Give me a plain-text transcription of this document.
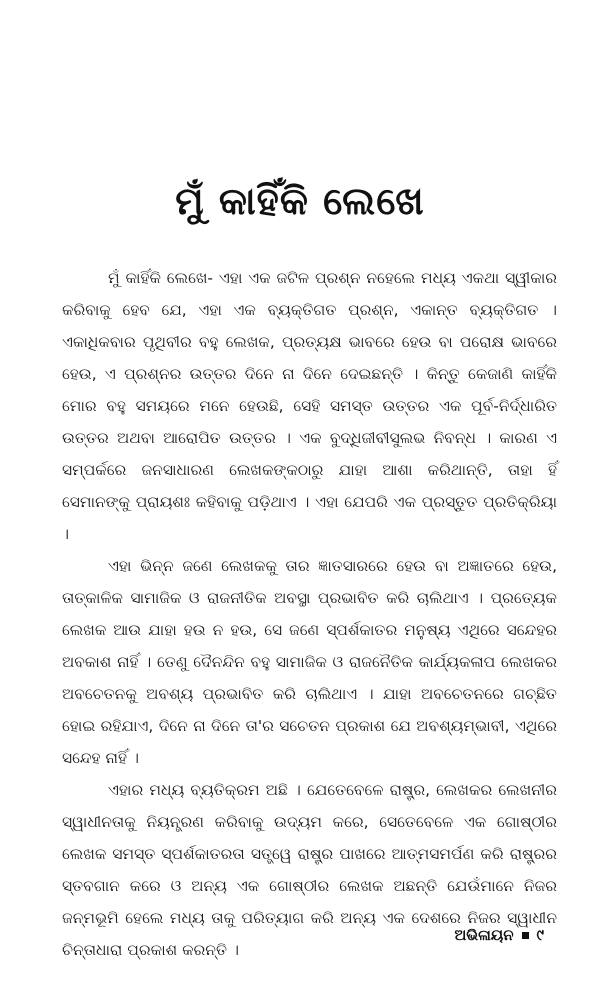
ମୁଁ କାହିଁକି ଲେଖେ

ମୁଁ କାହିଁକି ଲେଖେ- ଏହା ଏକ ଜଟିଳ ପ୍ରଶ୍ନ ନହେଲେ ମଧ୍ୟ ଏକଥା ସ୍ୱୀକାର କରିବାକୁ ହେବ ଯେ, ଏହା ଏକ ବ୍ୟକ୍ତିଗତ ପ୍ରଶ୍ନ, ଏକାନ୍ତ ବ୍ୟକ୍ତିଗତ । ଏକାଧିକବାର ପୃଥିବୀର ବହୁ ଲେଖକ, ପ୍ରତ୍ୟକ୍ଷ ଭାବରେ ହେଉ ବା ପରୋକ୍ଷ ଭାବରେ ହେଉ, ଏ ପ୍ରଶ୍ନର ଉତ୍ତର ଦିନେ ନା ଦିନେ ଦେଇଛନ୍ତି । କିନ୍ତୁ କେଜାଣି କାହିଁକି ମୋର ବହୁ ସମୟରେ ମନେ ହେଉଛି, ସେହି ସମସ୍ତ ଉତ୍ତର ଏକ ପୂର୍ବ-ନିର୍ଦ୍ଧାରିତ ଉତ୍ତର ଅଥବା ଆରୋପିତ ଉତ୍ତର । ଏକ ବୁଦ୍ଧିଜୀବୀସୁଲଭ ନିବନ୍ଧ । କାରଣ ଏ ସମ୍ପର୍କରେ ଜନସାଧାରଣ ଲେଖକଙ୍କଠାରୁ ଯାହା ଆଶା କରିଥାନ୍ତି, ତାହା ହିଁ ସେମାନଙ୍କୁ ପ୍ରାୟଶଃ କହିବାକୁ ପଡ଼ିଥାଏ । ଏହା ଯେପରି ଏକ ପ୍ରସ୍ତୁତ ପ୍ରତିକ୍ରିୟା ।

ଏହା ଭିନ୍ନ ଜଣେ ଲେଖକକୁ ତାର ଜ୍ଞାତସାରରେ ହେଉ ବା ଅଜ୍ଞାତରେ ହେଉ, ତାତ୍କାଳିକ ସାମାଜିକ ଓ ରାଜନୀତିକ ଅବସ୍ଥା ପ୍ରଭାବିତ କରି ଚାଲିଥାଏ । ପ୍ରତ୍ୟେକ ଲେଖକ ଆଉ ଯାହା ହଉ ନ ହଉ, ସେ ଜଣେ ସ୍ପର୍ଶକାତର ମନୁଷ୍ୟ ଏଥିରେ ସନ୍ଦେହର ଅବକାଶ ନାହିଁ । ତେଣୁ ଦୈନନ୍ଦିନ ବହୁ ସାମାଜିକ ଓ ରାଜନୈତିକ କାର୍ଯ୍ୟକଳାପ ଲେଖକର ଅବଚେତନକୁ ଅବଶ୍ୟ ପ୍ରଭାବିତ କରି ଚାଲିଥାଏ । ଯାହା ଅବଚେତନରେ ଗଚ୍ଛିତ ହୋଇ ରହିଯାଏ, ଦିନେ ନା ଦିନେ ତା'ର ସଚେତନ ପ୍ରକାଶ ଯେ ଅବଶ୍ୟମ୍ଭାବୀ, ଏଥିରେ ସନ୍ଦେହ ନାହିଁ ।

ଏହାର ମଧ୍ୟ ବ୍ୟତିକ୍ରମ ଅଛି । ଯେତେବେଳେ ରାଷ୍ଟ୍ର, ଲେଖକର ଲେଖନୀର ସ୍ୱାଧୀନତାକୁ ନିୟନ୍ତ୍ରଣ କରିବାକୁ ଉଦ୍ୟମ କରେ, ସେତେବେଳେ ଏକ ଗୋଷ୍ଠୀର ଲେଖକ ସମସ୍ତ ସ୍ପର୍ଶକାତରତା ସତ୍ତ୍ୱେ ରାଷ୍ଟ୍ର ପାଖରେ ଆତ୍ମସମର୍ପଣ କରି ରାଷ୍ଟ୍ରର ସ୍ତବଗାନ କରେ ଓ ଅନ୍ୟ ଏକ ଗୋଷ୍ଠୀର ଲେଖକ ଅଛନ୍ତି ଯେଉଁମାନେ ନିଜର ଜନ୍ମଭୂମି ହେଲେ ମଧ୍ୟ ତାକୁ ପରିତ୍ୟାଗ କରି ଅନ୍ୟ ଏକ ଦେଶରେ ନିଜର ସ୍ୱାଧୀନ ଚିନ୍ତାଧାରା ପ୍ରକାଶ କରନ୍ତି ।

ଅଭିଳାୟନ ୯
